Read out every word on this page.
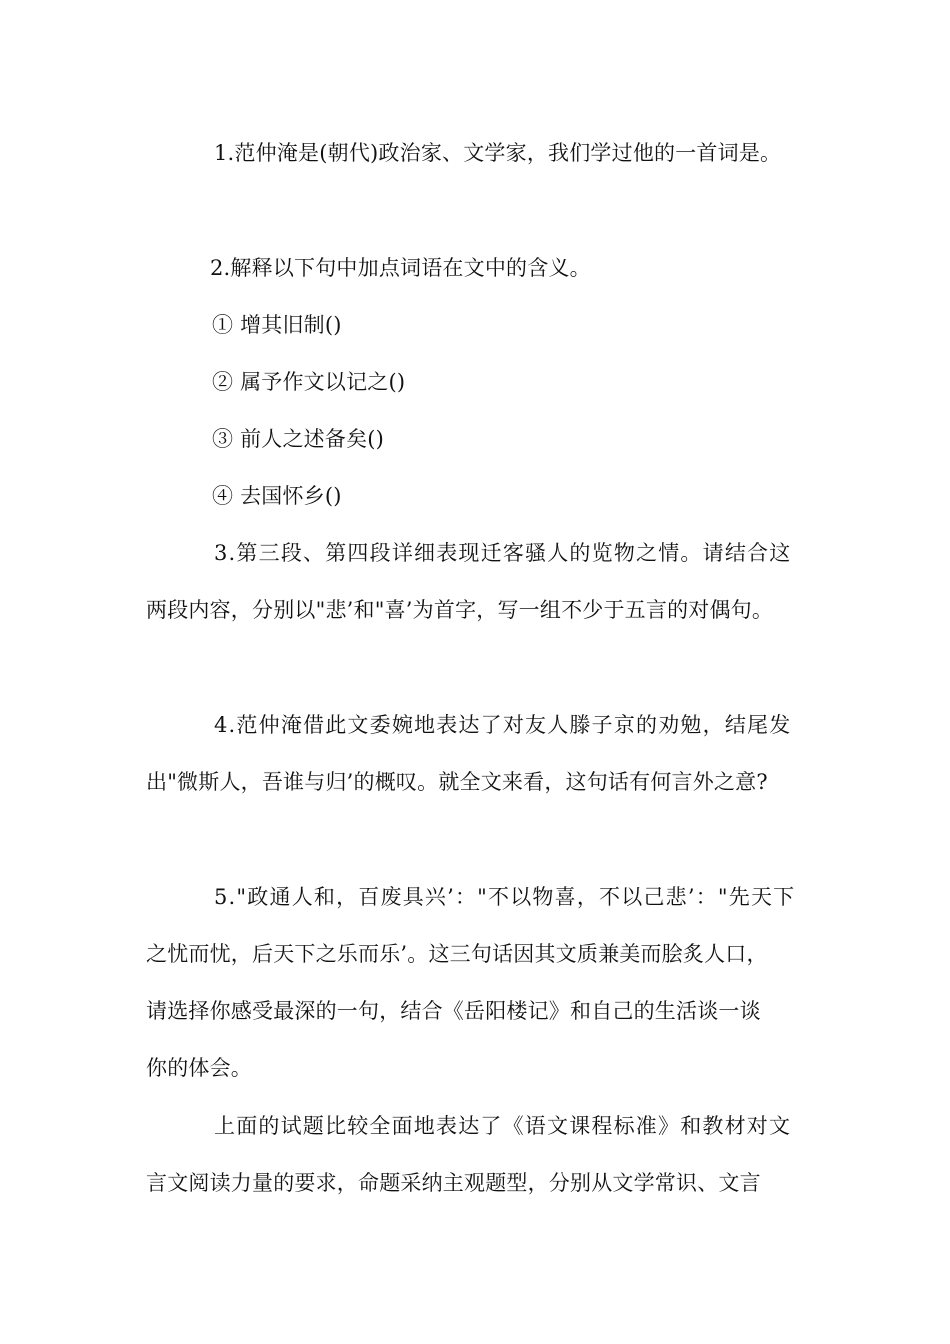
1.范仲淹是(朝代)政治家、文学家，我们学过他的一首词是。
2.解释以下句中加点词语在文中的含义。
① 增其旧制()
② 属予作文以记之()
③ 前人之述备矣()
④ 去国怀乡()
3.第三段、第四段详细表现迁客骚人的览物之情。请结合这
两段内容，分别以"悲’和"喜’为首字，写一组不少于五言的对偶句。
4.范仲淹借此文委婉地表达了对友人滕子京的劝勉，结尾发
出"微斯人，吾谁与归’的概叹。就全文来看，这句话有何言外之意?
5."政通人和，百废具兴’："不以物喜，不以己悲’："先天下
之忧而忧，后天下之乐而乐’。这三句话因其文质兼美而脍炙人口，
请选择你感受最深的一句，结合《岳阳楼记》和自己的生活谈一谈
你的体会。
上面的试题比较全面地表达了《语文课程标准》和教材对文
言文阅读力量的要求，命题采纳主观题型，分别从文学常识、文言
